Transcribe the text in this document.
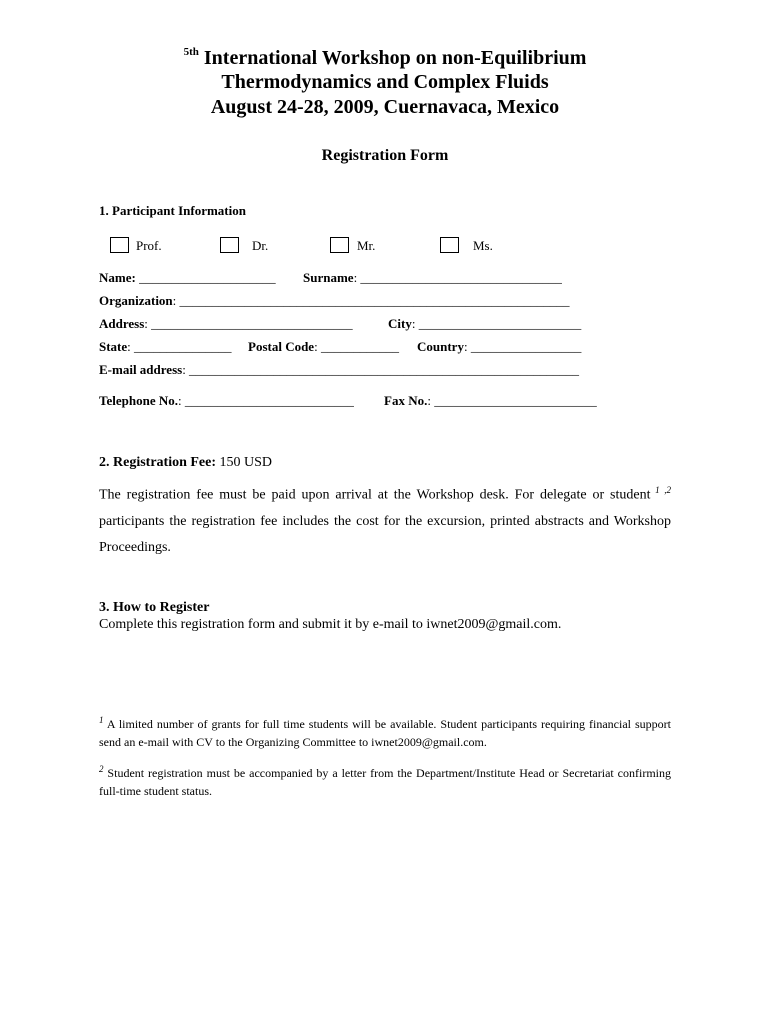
$^{5th}$ International Workshop on non-Equilibrium
Thermodynamics and Complex Fluids
August 24-28, 2009, Cuernavaca, Mexico
Registration Form
1. Participant Information
Prof.	Dr.	Mr.	Ms.
Name: _____________________ Surname: _______________________________
Organization: ____________________________________________________________
Address: _______________________________	City: _________________________
State: _______________ Postal Code: ____________ Country: _________________
E-mail address: ____________________________________________________________
Telephone No.: __________________________ Fax No.: _________________________
2. Registration Fee: 150 USD
The registration fee must be paid upon arrival at the Workshop desk. For delegate or student $^{1 ,2}$ participants the registration fee includes the cost for the excursion, printed abstracts and Workshop Proceedings.
3. How to Register
Complete this registration form and submit it by e-mail to iwnet2009@gmail.com.
$^1$ A limited number of grants for full time students will be available. Student participants requiring financial support send an e-mail with CV to the Organizing Committee to iwnet2009@gmail.com.
$^2$ Student registration must be accompanied by a letter from the Department/Institute Head or Secretariat confirming full-time student status.
